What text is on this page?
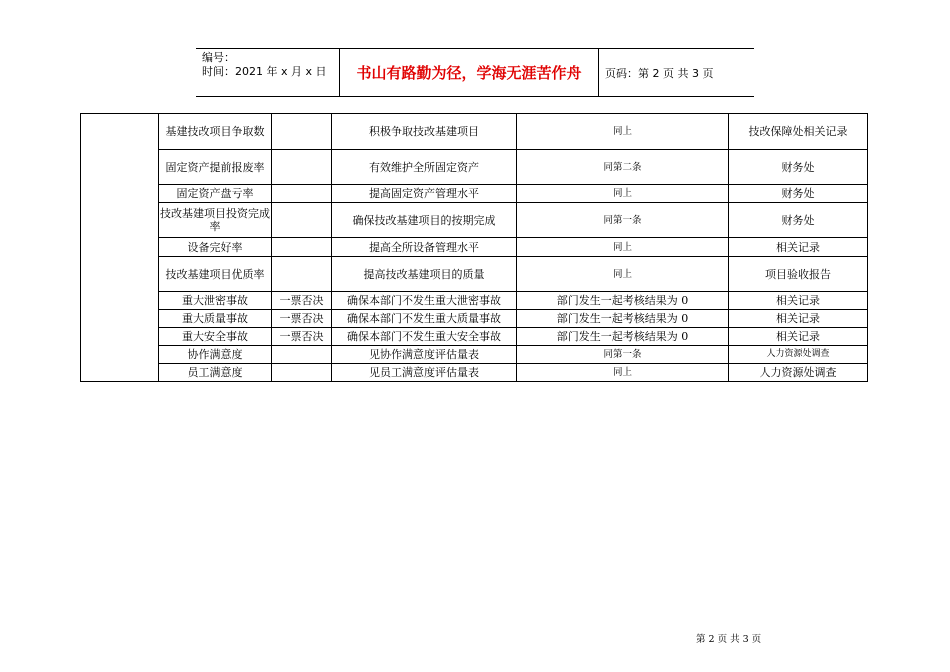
编号：
时间：2021 年 x 月 x 日	书山有路勤为径，学海无涯苦作舟	页码：第 2 页 共 3 页
	基建技改项目争取数		积极争取技改基建项目	同上	技改保障处相关记录
	固定资产提前报废率		有效维护全所固定资产	同第二条	财务处
	固定资产盘亏率		提高固定资产管理水平	同上	财务处
	技改基建项目投资完成率		确保技改基建项目的按期完成	同第一条	财务处
	设备完好率		提高全所设备管理水平	同上	相关记录
	技改基建项目优质率		提高技改基建项目的质量	同上	项目验收报告
	重大泄密事故	一票否决	确保本部门不发生重大泄密事故	部门发生一起考核结果为 0	相关记录
	重大质量事故	一票否决	确保本部门不发生重大质量事故	部门发生一起考核结果为 0	相关记录
	重大安全事故	一票否决	确保本部门不发生重大安全事故	部门发生一起考核结果为 0	相关记录
	协作满意度		见协作满意度评估量表	同第一条	人力资源处调查
	员工满意度		见员工满意度评估量表	同上	人力资源处调查
第 2 页 共 3 页
